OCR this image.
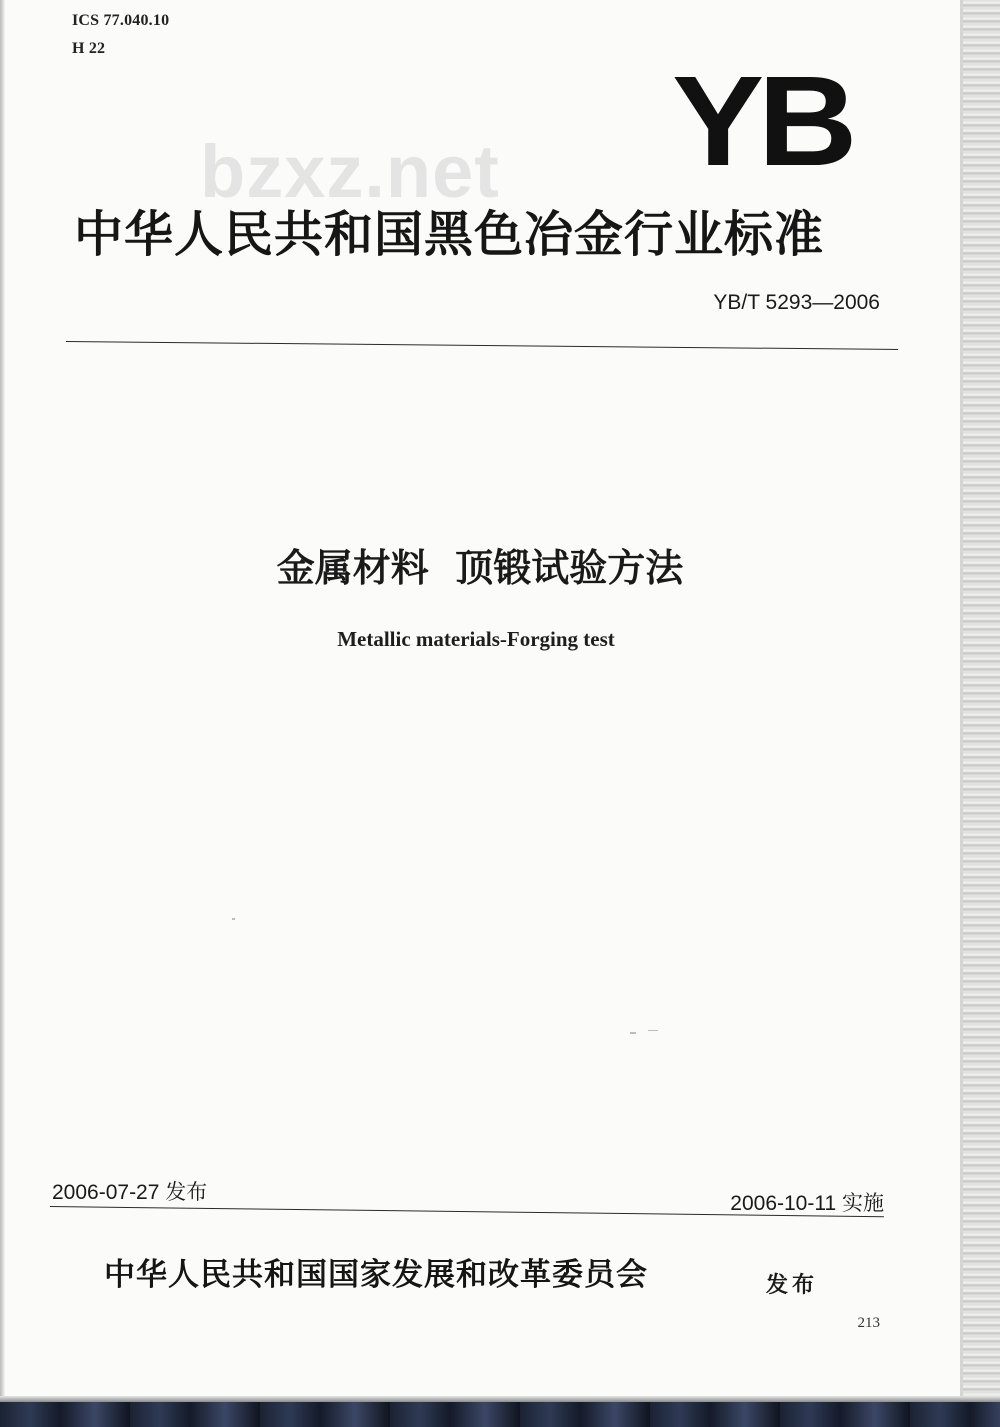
ICS 77.040.10
H 22
bzxz.net	YB
中华人民共和国黑色冶金行业标准
YB/T 5293—2006
金属材料  顶锻试验方法
Metallic materials-Forging test
2006-07-27 发布	2006-10-11 实施
中华人民共和国国家发展和改革委员会	发布
213
